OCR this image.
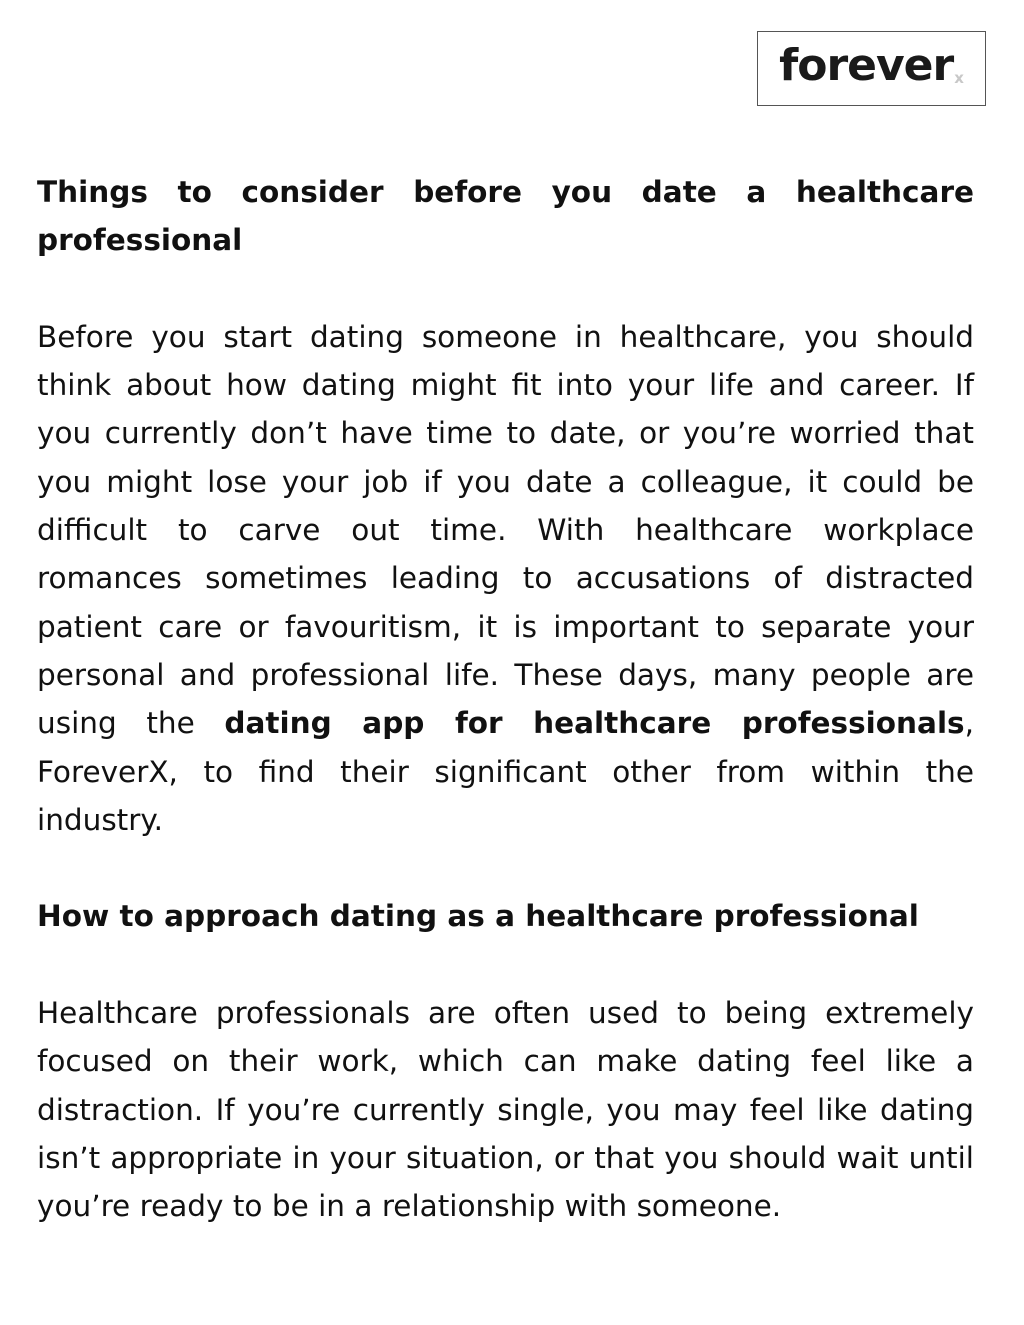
forever x
Things to consider before you date a healthcare professional

Before you start dating someone in healthcare, you should think about how dating might fit into your life and career. If you currently don’t have time to date, or you’re worried that you might lose your job if you date a colleague, it could be difficult to carve out time. With healthcare workplace romances sometimes leading to accusations of distracted patient care or favouritism, it is important to separate your personal and professional life. These days, many people are using the dating app for healthcare professionals, ForeverX, to find their significant other from within the industry.

How to approach dating as a healthcare professional

Healthcare professionals are often used to being extremely focused on their work, which can make dating feel like a distraction. If you’re currently single, you may feel like dating isn’t appropriate in your situation, or that you should wait until you’re ready to be in a relationship with someone.
